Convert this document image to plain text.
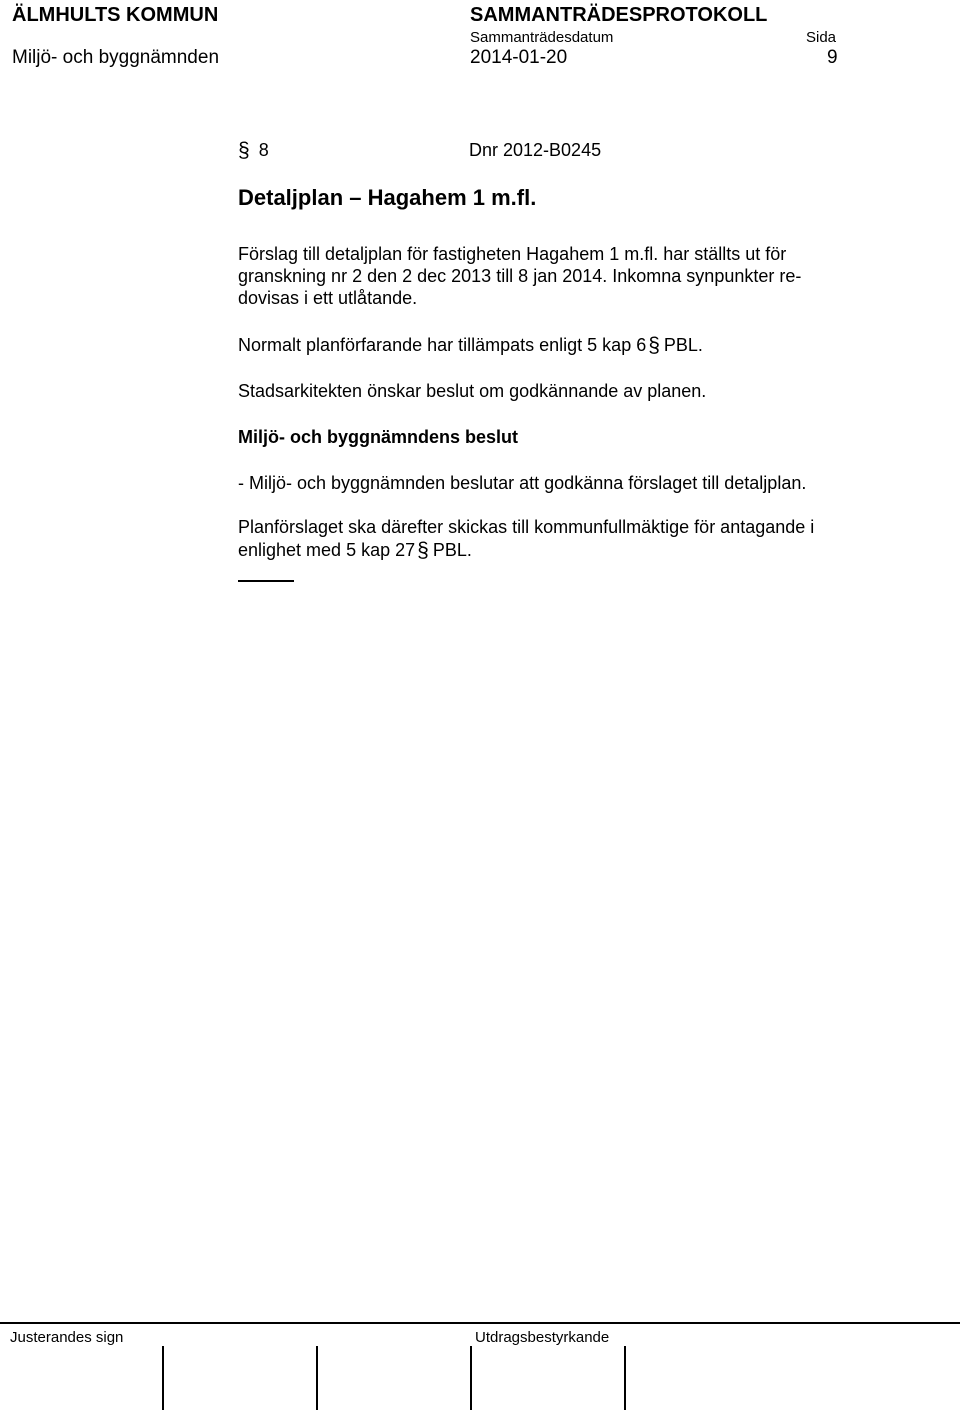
ÄLMHULTS KOMMUN	SAMMANTRÄDESPROTOKOLL
Sammanträdesdatum	Sida
Miljö- och byggnämnden	2014-01-20	9
§ 8	Dnr 2012-B0245
Detaljplan – Hagahem 1 m.fl.
Förslag till detaljplan för fastigheten Hagahem 1 m.fl. har ställts ut för
granskning nr 2 den 2 dec 2013 till 8 jan 2014. Inkomna synpunkter re-
dovisas i ett utlåtande.
Normalt planförfarande har tillämpats enligt 5 kap 6§ PBL.
Stadsarkitekten önskar beslut om godkännande av planen.
Miljö- och byggnämndens beslut
- Miljö- och byggnämnden beslutar att godkänna förslaget till detaljplan.
Planförslaget ska därefter skickas till kommunfullmäktige för antagande i
enlighet med 5 kap 27§ PBL.
Justerandes sign	Utdragsbestyrkande
